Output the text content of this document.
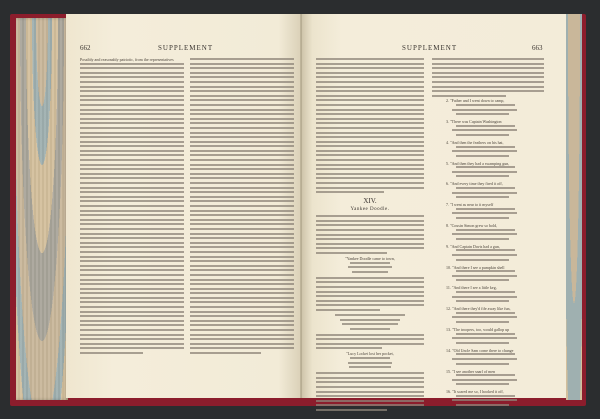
662	SUPPLEMENT
Possibly and reasonably patriotic, from the representatives
SUPPLEMENT	663
XIV.
Yankee Doodle.
"Yankee Doodle came to town,
"Lucy Locket lost her pocket,
2. "Father and I went down to camp,
3. "There was Captain Washington
4. "And then the feathers on his hat,
5. "And then they had a swamping gun,
6. "And every time they fired it off,
7. "I went as near to it myself
8. "Cousin Simon grew so bold,
9. "And Captain Davis had a gun,
10. "And there I see a pumpkin shell
11. "And there I see a little keg,
12. "And there they'd fife away like fun,
13. "The troopers, too, would gallop up
14. "Old Uncle Sam come there to change
15. "I see another snarl of men
16. "It scared me so, I hooked it off,
